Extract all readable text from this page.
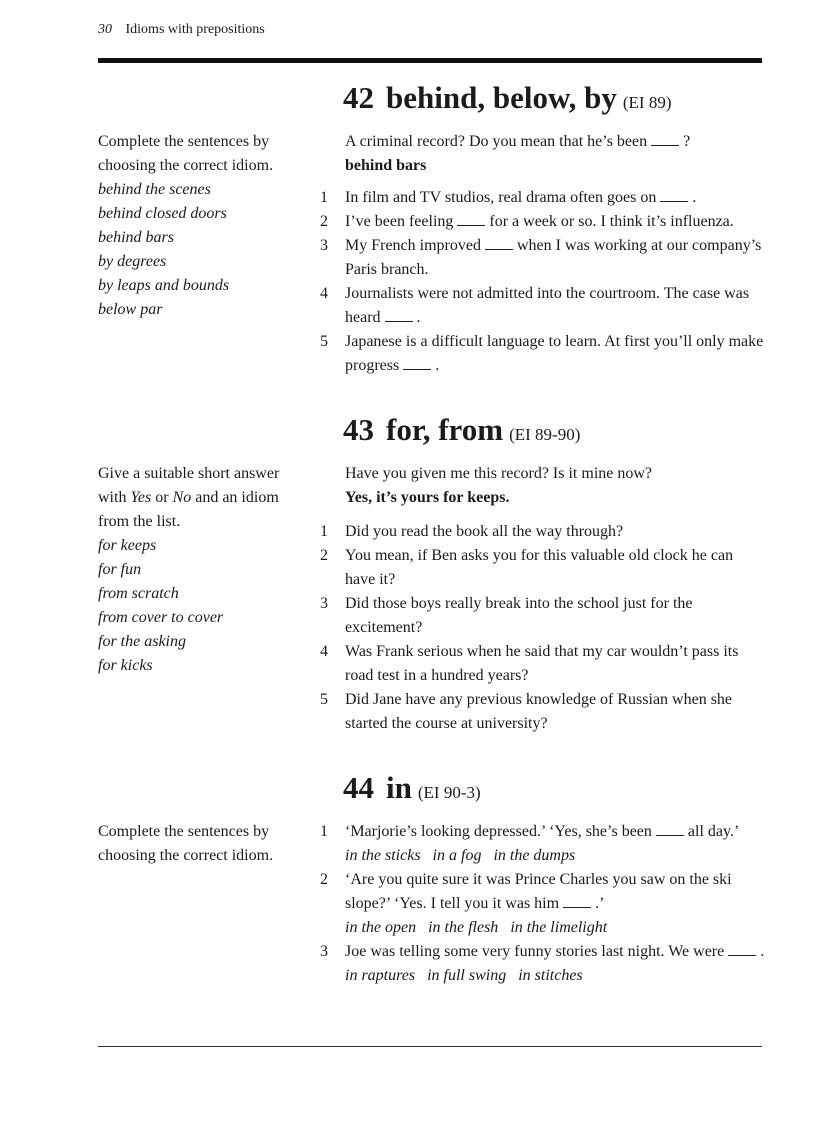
30 Idioms with prepositions
42 behind, below, by (EI 89)
Complete the sentences by choosing the correct idiom.
behind the scenes
behind closed doors
behind bars
by degrees
by leaps and bounds
below par
A criminal record? Do you mean that he’s been ?
behind bars
1	In film and TV studios, real drama often goes on .
2	I’ve been feeling for a week or so. I think it’s influenza.
3	My French improved when I was working at our company’s Paris branch.
4	Journalists were not admitted into the courtroom. The case was heard .
5	Japanese is a difficult language to learn. At first you’ll only make progress .
43 for, from (EI 89-90)
Give a suitable short answer with Yes or No and an idiom from the list.
for keeps
for fun
from scratch
from cover to cover
for the asking
for kicks
Have you given me this record? Is it mine now?
Yes, it’s yours for keeps.
1	Did you read the book all the way through?
2	You mean, if Ben asks you for this valuable old clock he can have it?
3	Did those boys really break into the school just for the excitement?
4	Was Frank serious when he said that my car wouldn’t pass its road test in a hundred years?
5	Did Jane have any previous knowledge of Russian when she started the course at university?
44 in (EI 90-3)
Complete the sentences by choosing the correct idiom.
1	‘Marjorie’s looking depressed.’ ‘Yes, she’s been all day.’
in the sticks in a fog in the dumps
2	‘Are you quite sure it was Prince Charles you saw on the ski slope?’ ‘Yes. I tell you it was him .’
in the open in the flesh in the limelight
3	Joe was telling some very funny stories last night. We were .
in raptures in full swing in stitches
